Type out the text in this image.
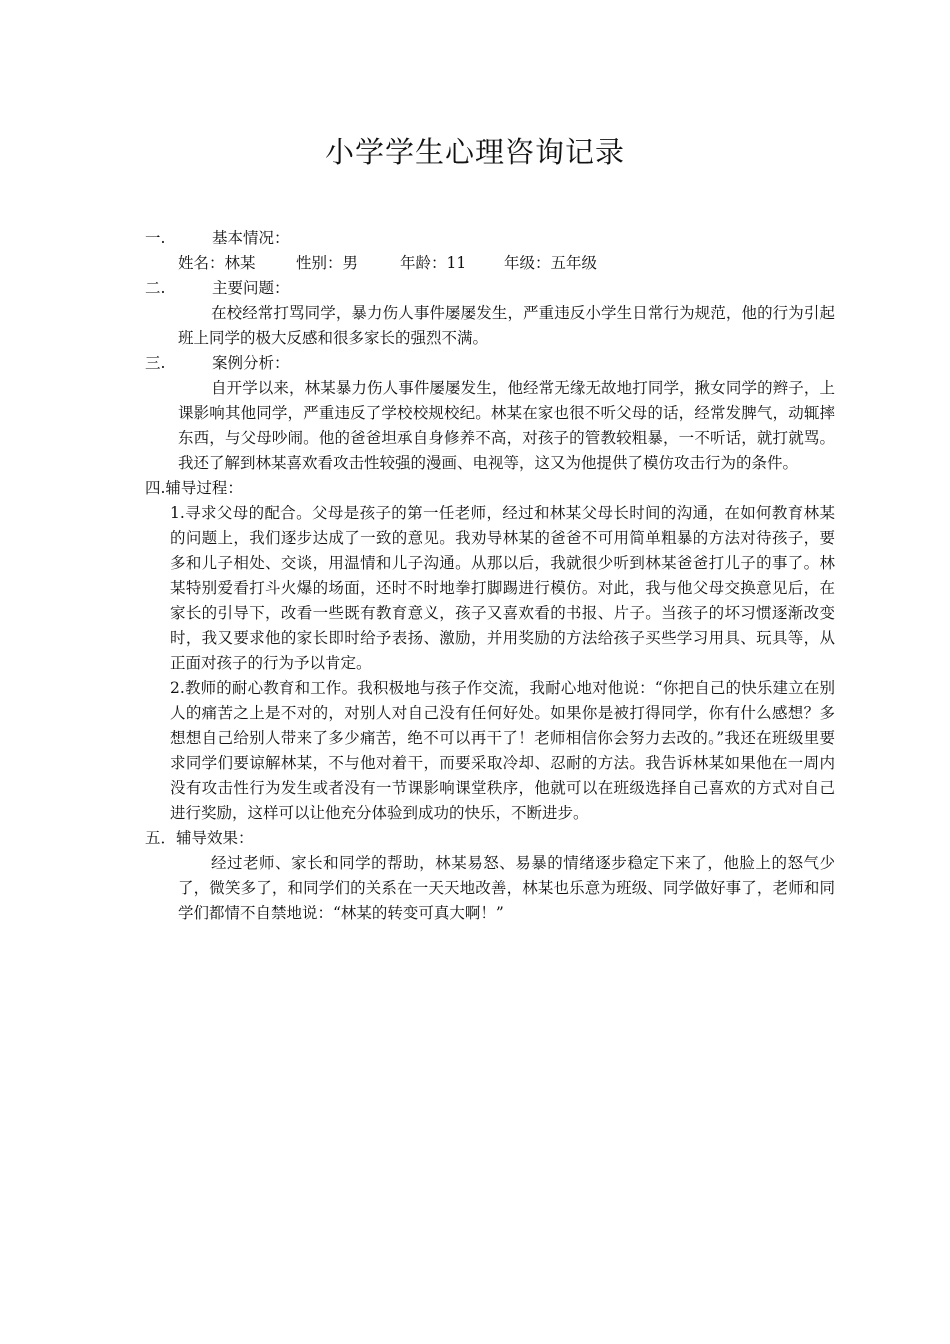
小学学生心理咨询记录
一.	基本情况：
姓名：林某	性别：男	年龄：11 年级：五年级
二.	主要问题：
在校经常打骂同学，暴力伤人事件屡屡发生，严重违反小学生日常行为规范，他的行为引起班上同学的极大反感和很多家长的强烈不满。
三.	案例分析：
自开学以来，林某暴力伤人事件屡屡发生，他经常无缘无故地打同学，揪女同学的辫子，上课影响其他同学，严重违反了学校校规校纪。林某在家也很不听父母的话，经常发脾气，动辄摔东西，与父母吵闹。他的爸爸坦承自身修养不高，对孩子的管教较粗暴，一不听话，就打就骂。我还了解到林某喜欢看攻击性较强的漫画、电视等，这又为他提供了模仿攻击行为的条件。
四.辅导过程：
1.寻求父母的配合。父母是孩子的第一任老师，经过和林某父母长时间的沟通，在如何教育林某的问题上，我们逐步达成了一致的意见。我劝导林某的爸爸不可用简单粗暴的方法对待孩子，要多和儿子相处、交谈，用温情和儿子沟通。从那以后，我就很少听到林某爸爸打儿子的事了。林某特别爱看打斗火爆的场面，还时不时地拳打脚踢进行模仿。对此，我与他父母交换意见后，在家长的引导下，改看一些既有教育意义，孩子又喜欢看的书报、片子。当孩子的坏习惯逐渐改变时，我又要求他的家长即时给予表扬、激励，并用奖励的方法给孩子买些学习用具、玩具等，从正面对孩子的行为予以肯定。
2.教师的耐心教育和工作。我积极地与孩子作交流，我耐心地对他说：“你把自己的快乐建立在别人的痛苦之上是不对的，对别人对自己没有任何好处。如果你是被打得同学，你有什么感想？多想想自己给别人带来了多少痛苦，绝不可以再干了！老师相信你会努力去改的。”我还在班级里要求同学们要谅解林某，不与他对着干，而要采取冷却、忍耐的方法。我告诉林某如果他在一周内没有攻击性行为发生或者没有一节课影响课堂秩序，他就可以在班级选择自己喜欢的方式对自己进行奖励，这样可以让他充分体验到成功的快乐，不断进步。
五．辅导效果：
经过老师、家长和同学的帮助，林某易怒、易暴的情绪逐步稳定下来了，他脸上的怒气少了，微笑多了，和同学们的关系在一天天地改善，林某也乐意为班级、同学做好事了，老师和同学们都情不自禁地说：“林某的转变可真大啊！”
